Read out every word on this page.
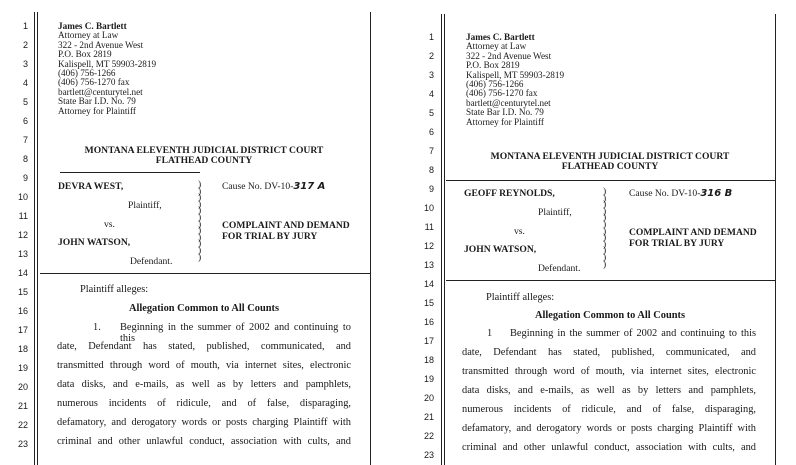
1
2
3
4
5
6
7
8
9
10
11
12
13
14
15
16
17
18
19
20
21
22
23
James C. Bartlett
Attorney at Law
322 - 2nd Avenue West
P.O. Box 2819
Kalispell, MT 59903-2819
(406) 756-1266
(406) 756-1270 fax
bartlett@centurytel.net
State Bar I.D. No. 79
Attorney for Plaintiff
MONTANA ELEVENTH JUDICIAL DISTRICT COURT
FLATHEAD COUNTY
DEVRA WEST,
Plaintiff,
vs.
JOHN WATSON,
Defendant.
Cause No. DV-10-317 A
COMPLAINT AND DEMAND
FOR TRIAL BY JURY
)
)
)
)
)
)
)
)
)
)
)
)
Plaintiff alleges:
Allegation Common to All Counts
1. Beginning in the summer of 2002 and continuing to this
date, Defendant has stated, published, communicated, and
transmitted through word of mouth, via internet sites, electronic
data disks, and e-mails, as well as by letters and pamphlets,
numerous incidents of ridicule, and of false, disparaging,
defamatory, and derogatory words or posts charging Plaintiff with
criminal and other unlawful conduct, association with cults, and
1
2
3
4
5
6
7
8
9
10
11
12
13
14
15
16
17
18
19
20
21
22
23
James C. Bartlett
Attorney at Law
322 - 2nd Avenue West
P.O. Box 2819
Kalispell, MT 59903-2819
(406) 756-1266
(406) 756-1270 fax
bartlett@centurytel.net
State Bar I.D. No. 79
Attorney for Plaintiff
MONTANA ELEVENTH JUDICIAL DISTRICT COURT
FLATHEAD COUNTY
GEOFF REYNOLDS,
Plaintiff,
vs.
JOHN WATSON,
Defendant.
Cause No. DV-10-316 B
COMPLAINT AND DEMAND
FOR TRIAL BY JURY
)
)
)
)
)
)
)
)
)
)
)
)
Plaintiff alleges:
Allegation Common to All Counts
1 Beginning in the summer of 2002 and continuing to this
date, Defendant has stated, published, communicated, and
transmitted through word of mouth, via internet sites, electronic
data disks, and e-mails, as well as by letters and pamphlets,
numerous incidents of ridicule, and of false, disparaging,
defamatory, and derogatory words or posts charging Plaintiff with
criminal and other unlawful conduct, association with cults, and
